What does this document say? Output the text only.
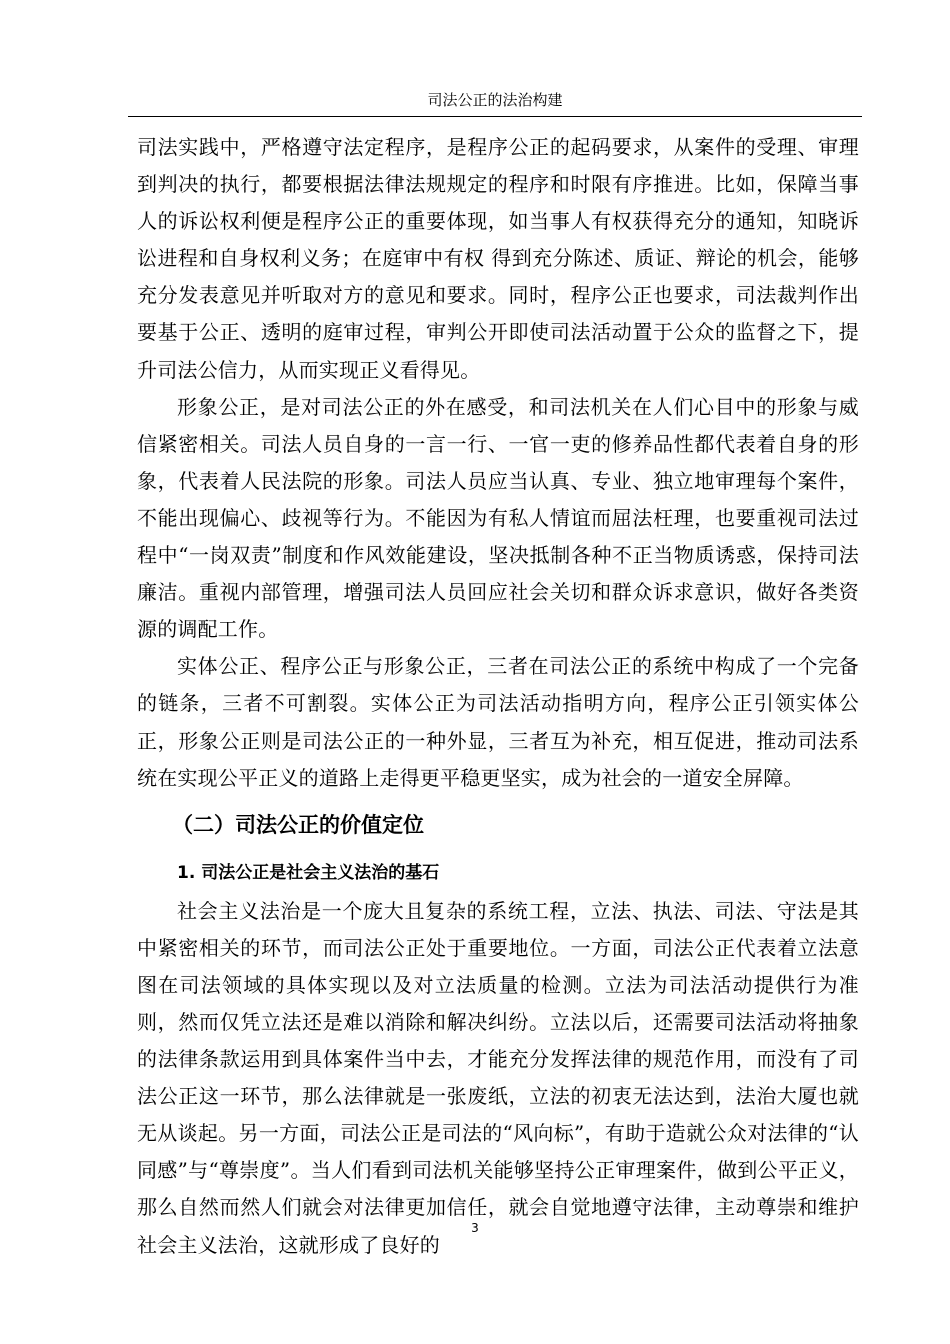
司法公正的法治构建

司法实践中，严格遵守法定程序，是程序公正的起码要求，从案件的受理、审理到判决的执行，都要根据法律法规规定的程序和时限有序推进。比如，保障当事人的诉讼权利便是程序公正的重要体现，如当事人有权获得充分的通知，知晓诉讼进程和自身权利义务；在庭审中有权 得到充分陈述、质证、辩论的机会，能够充分发表意见并听取对方的意见和要求。同时，程序公正也要求，司法裁判作出要基于公正、透明的庭审过程，审判公开即使司法活动置于公众的监督之下，提升司法公信力，从而实现正义看得见。

形象公正，是对司法公正的外在感受，和司法机关在人们心目中的形象与威信紧密相关。司法人员自身的一言一行、一官一吏的修养品性都代表着自身的形象，代表着人民法院的形象。司法人员应当认真、专业、独立地审理每个案件，不能出现偏心、歧视等行为。不能因为有私人情谊而屈法枉理，也要重视司法过程中“一岗双责”制度和作风效能建设，坚决抵制各种不正当物质诱惑，保持司法廉洁。重视内部管理，增强司法人员回应社会关切和群众诉求意识，做好各类资源的调配工作。

实体公正、程序公正与形象公正，三者在司法公正的系统中构成了一个完备的链条，三者不可割裂。实体公正为司法活动指明方向，程序公正引领实体公正，形象公正则是司法公正的一种外显，三者互为补充，相互促进，推动司法系统在实现公平正义的道路上走得更平稳更坚实，成为社会的一道安全屏障。

（二）司法公正的价值定位
1. 司法公正是社会主义法治的基石

社会主义法治是一个庞大且复杂的系统工程，立法、执法、司法、守法是其中紧密相关的环节，而司法公正处于重要地位。一方面，司法公正代表着立法意图在司法领域的具体实现以及对立法质量的检测。立法为司法活动提供行为准则，然而仅凭立法还是难以消除和解决纠纷。立法以后，还需要司法活动将抽象的法律条款运用到具体案件当中去，才能充分发挥法律的规范作用，而没有了司法公正这一环节，那么法律就是一张废纸，立法的初衷无法达到，法治大厦也就无从谈起。另一方面，司法公正是司法的“风向标”，有助于造就公众对法律的“认同感”与“尊崇度”。当人们看到司法机关能够坚持公正审理案件，做到公平正义，那么自然而然人们就会对法律更加信任，就会自觉地遵守法律，主动尊崇和维护社会主义法治，这就形成了良好的

3
